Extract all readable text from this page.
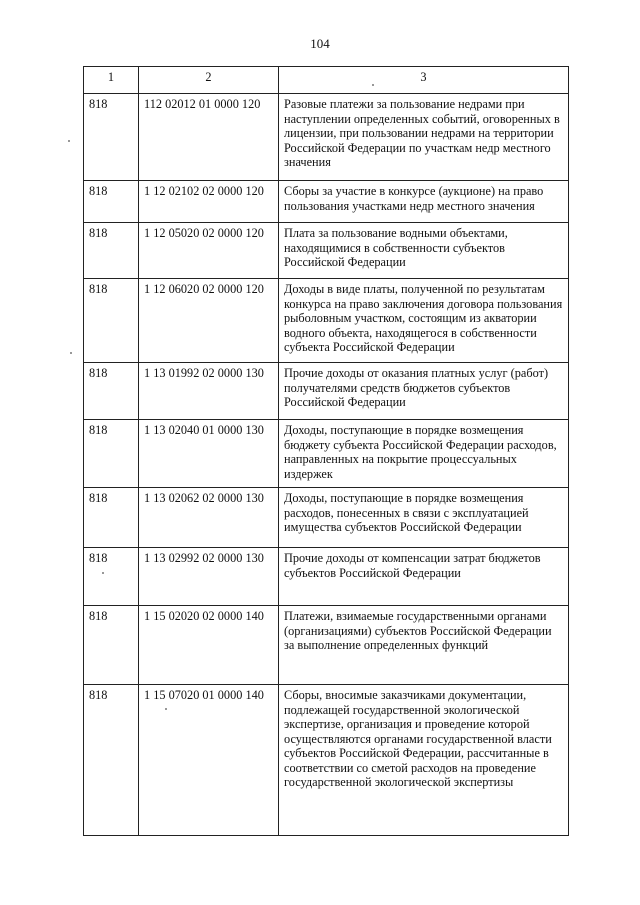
104
1	2	3
818	112 02012 01 0000 120	Разовые платежи за пользование недрами при наступлении определенных событий, оговоренных в лицензии, при пользовании недрами на территории Российской Федерации по участкам недр местного значения
818	1 12 02102 02 0000 120	Сборы за участие в конкурсе (аукционе) на право пользования участками недр местного значения
818	1 12 05020 02 0000 120	Плата за пользование водными объектами, находящимися в собственности субъектов Российской Федерации
818	1 12 06020 02 0000 120	Доходы в виде платы, полученной по результатам конкурса на право заключения договора пользования рыболовным участком, состоящим из акватории водного объекта, находящегося в собственности субъекта Российской Федерации
818	1 13 01992 02 0000 130	Прочие доходы от оказания платных услуг (работ) получателями средств бюджетов субъектов Российской Федерации
818	1 13 02040 01 0000 130	Доходы, поступающие в порядке возмещения бюджету субъекта Российской Федерации расходов, направленных на покрытие процессуальных издержек
818	1 13 02062 02 0000 130	Доходы, поступающие в порядке возмещения расходов, понесенных в связи с эксплуатацией имущества субъектов Российской Федерации
818	1 13 02992 02 0000 130	Прочие доходы от компенсации затрат бюджетов субъектов Российской Федерации
818	1 15 02020 02 0000 140	Платежи, взимаемые государственными органами (организациями) субъектов Российской Федерации за выполнение определенных функций
818	1 15 07020 01 0000 140	Сборы, вносимые заказчиками документации, подлежащей государственной экологической экспертизе, организация и проведение которой осуществляются органами государственной власти субъектов Российской Федерации, рассчитанные в соответствии со сметой расходов на проведение государственной экологической экспертизы
